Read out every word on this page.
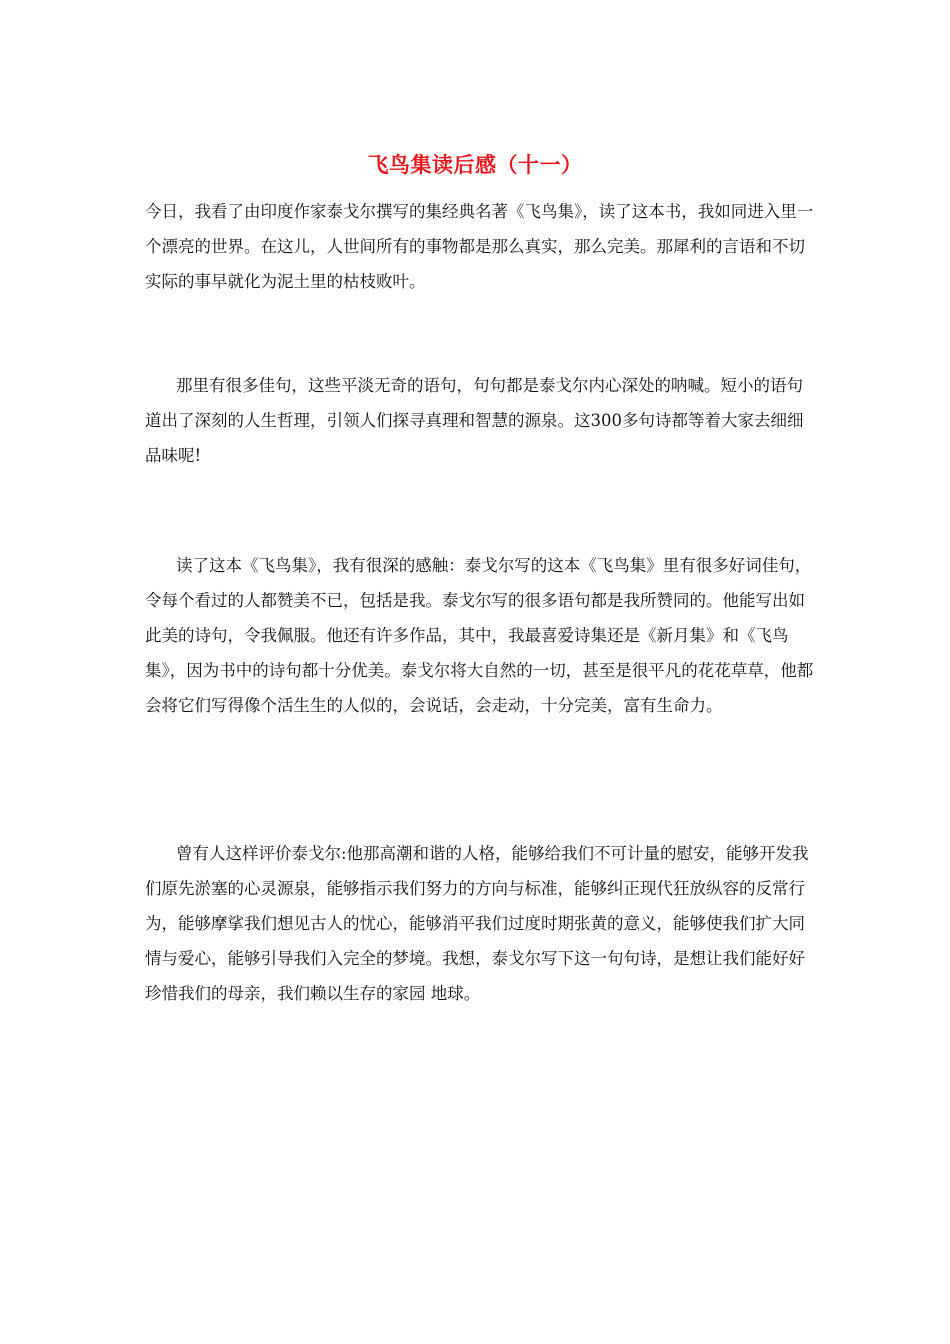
飞鸟集读后感（十一）

今日，我看了由印度作家泰戈尔撰写的集经典名著《飞鸟集》，读了这本书，我如同进入里一个漂亮的世界。在这儿，人世间所有的事物都是那么真实，那么完美。那犀利的言语和不切实际的事早就化为泥土里的枯枝败叶。

那里有很多佳句，这些平淡无奇的语句，句句都是泰戈尔内心深处的呐喊。短小的语句道出了深刻的人生哲理，引领人们探寻真理和智慧的源泉。这300多句诗都等着大家去细细品味呢!

读了这本《飞鸟集》，我有很深的感触：泰戈尔写的这本《飞鸟集》里有很多好词佳句，令每个看过的人都赞美不已，包括是我。泰戈尔写的很多语句都是我所赞同的。他能写出如此美的诗句，令我佩服。他还有许多作品，其中，我最喜爱诗集还是《新月集》和《飞鸟集》，因为书中的诗句都十分优美。泰戈尔将大自然的一切，甚至是很平凡的花花草草，他都会将它们写得像个活生生的人似的，会说话，会走动，十分完美，富有生命力。

曾有人这样评价泰戈尔:他那高潮和谐的人格，能够给我们不可计量的慰安，能够开发我们原先淤塞的心灵源泉，能够指示我们努力的方向与标准，能够纠正现代狂放纵容的反常行为，能够摩挲我们想见古人的忧心，能够消平我们过度时期张黄的意义，能够使我们扩大同情与爱心，能够引导我们入完全的梦境。我想，泰戈尔写下这一句句诗，是想让我们能好好珍惜我们的母亲，我们赖以生存的家园 地球。
